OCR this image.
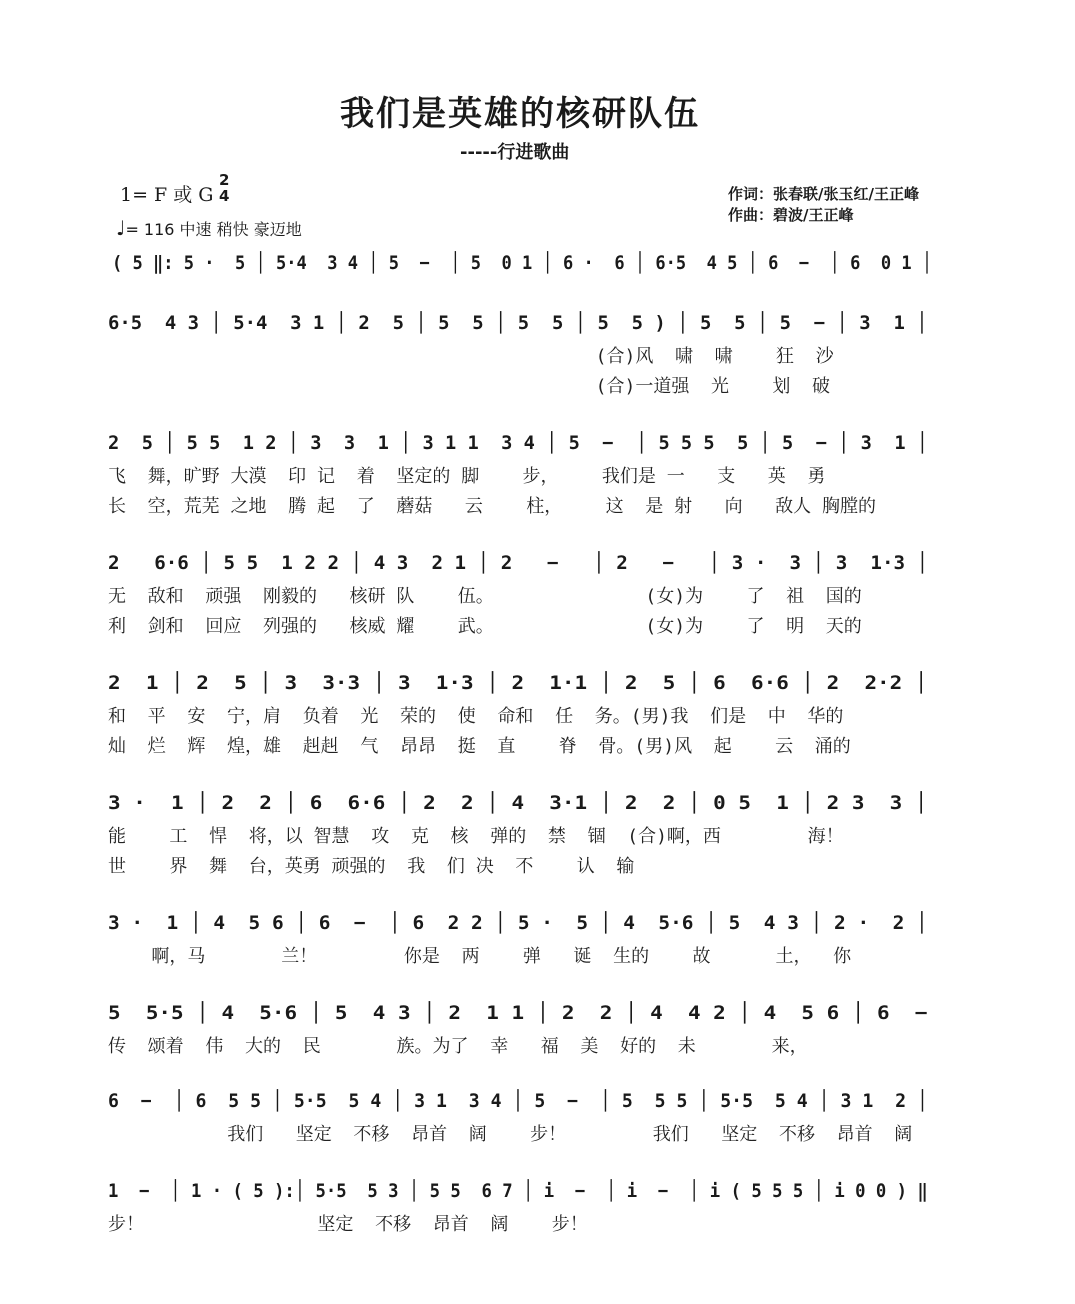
我们是英雄的核研队伍
-----行进歌曲
1= F 或 G
2
4
♩= 116 中速 稍快 豪迈地
作词：张春联/张玉红/王正峰
作曲：碧波/王正峰
( 5 ‖: 5 ·  5 │ 5·4  3 4 │ 5  −  │ 5  0 1 │ 6 ·  6 │ 6·5  4 5 │ 6  −  │ 6  0 1 │
6·5  4 3 │ 5·4  3 1 │ 2  5 │ 5  5 │ 5  5 │ 5  5 ) │ 5  5 │ 5  − │ 3  1 │
(合)风  啸  啸    狂  沙
(合)一道强  光    划  破
2  5 │ 5 5  1 2 │ 3  3  1 │ 3 1 1  3 4 │ 5  −  │ 5 5 5  5 │ 5  − │ 3  1 │
飞  舞，旷野 大漠  印 记  着  坚定的 脚    步，    我们是 一   支   英  勇
长  空，荒芜 之地  腾 起  了  蘑菇   云    柱，    这  是 射   向   敌人 胸膛的
2   6·6 │ 5 5  1 2 2 │ 4 3  2 1 │ 2   −   │ 2   −   │ 3 ·  3 │ 3  1·3 │
无  敌和  顽强  刚毅的   核研 队    伍。              (女)为    了  祖  国的
利  剑和  回应  列强的   核威 耀    武。              (女)为    了  明  天的
2  1 │ 2  5 │ 3  3·3 │ 3  1·3 │ 2  1·1 │ 2  5 │ 6  6·6 │ 2  2·2 │
和  平  安  宁，肩  负着  光  荣的  使  命和  任  务。(男)我  们是  中  华的
灿  烂  辉  煌，雄  赳赳  气  昂昂  挺  直    脊  骨。(男)风  起    云  涌的
3 ·  1 │ 2  2 │ 6  6·6 │ 2  2 │ 4  3·1 │ 2  2 │ 0 5  1 │ 2 3  3 │
能    工  悍  将，以 智慧  攻  克  核  弹的  禁  锢  (合)啊，西        海！
世    界  舞  台，英勇 顽强的  我  们 决  不    认  输
3 ·  1 │ 4  5 6 │ 6  −  │ 6  2 2 │ 5 ·  5 │ 4  5·6 │ 5  4 3 │ 2 ·  2 │
啊，马       兰！        你是  两    弹   诞  生的    故      土，  你
5  5·5 │ 4  5·6 │ 5  4 3 │ 2  1 1 │ 2  2 │ 4  4 2 │ 4  5 6 │ 6  −
传  颂着  伟  大的  民       族。为了  幸   福  美  好的  未       来，
6  −  │ 6  5 5 │ 5·5  5 4 │ 3 1  3 4 │ 5  −  │ 5  5 5 │ 5·5  5 4 │ 3 1  2 │
我们   坚定  不移  昂首  阔    步！        我们   坚定  不移  昂首  阔
1  −  │ 1 · ( 5 ):│ 5·5  5 3 │ 5 5  6 7 │ i  −  │ i  −  │ i ( 5 5 5 │ i 0 0 ) ‖
步！                坚定  不移  昂首  阔    步！
